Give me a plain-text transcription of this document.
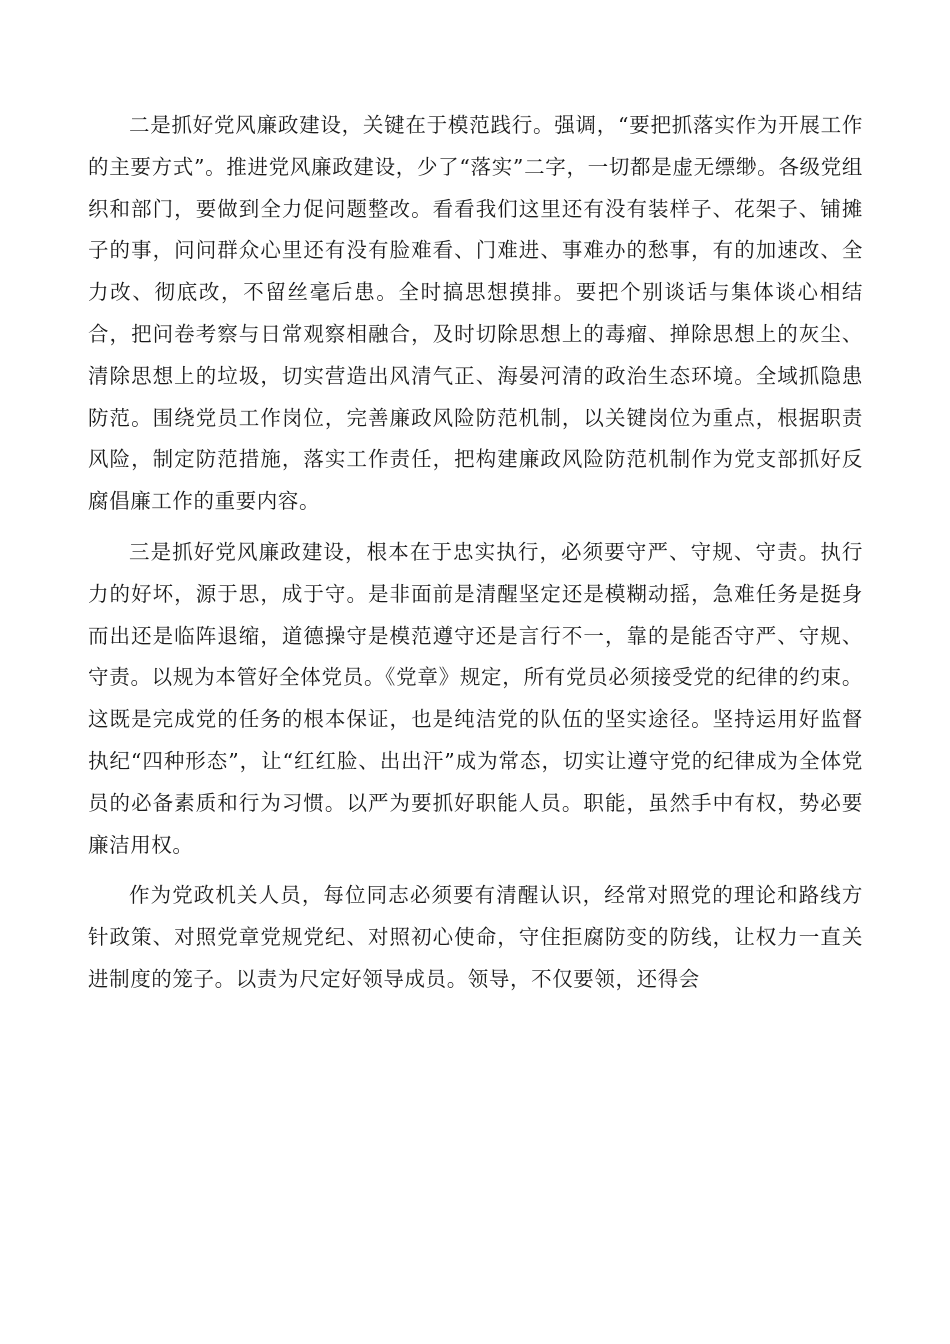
二是抓好党风廉政建设，关键在于模范践行。强调，“要把抓落实作为开展工作的主要方式”。推进党风廉政建设，少了“落实”二字，一切都是虚无缥缈。各级党组织和部门，要做到全力促问题整改。看看我们这里还有没有装样子、花架子、铺摊子的事，问问群众心里还有没有脸难看、门难进、事难办的愁事，有的加速改、全力改、彻底改，不留丝毫后患。全时搞思想摸排。要把个别谈话与集体谈心相结合，把问卷考察与日常观察相融合，及时切除思想上的毒瘤、掸除思想上的灰尘、清除思想上的垃圾，切实营造出风清气正、海晏河清的政治生态环境。全域抓隐患防范。围绕党员工作岗位，完善廉政风险防范机制，以关键岗位为重点，根据职责风险，制定防范措施，落实工作责任，把构建廉政风险防范机制作为党支部抓好反腐倡廉工作的重要内容。

三是抓好党风廉政建设，根本在于忠实执行，必须要守严、守规、守责。执行力的好坏，源于思，成于守。是非面前是清醒坚定还是模糊动摇，急难任务是挺身而出还是临阵退缩，道德操守是模范遵守还是言行不一，靠的是能否守严、守规、守责。以规为本管好全体党员。《党章》规定，所有党员必须接受党的纪律的约束。这既是完成党的任务的根本保证，也是纯洁党的队伍的坚实途径。坚持运用好监督执纪“四种形态”，让“红红脸、出出汗”成为常态，切实让遵守党的纪律成为全体党员的必备素质和行为习惯。以严为要抓好职能人员。职能，虽然手中有权，势必要廉洁用权。

作为党政机关人员，每位同志必须要有清醒认识，经常对照党的理论和路线方针政策、对照党章党规党纪、对照初心使命，守住拒腐防变的防线，让权力一直关进制度的笼子。以责为尺定好领导成员。领导，不仅要领，还得会
